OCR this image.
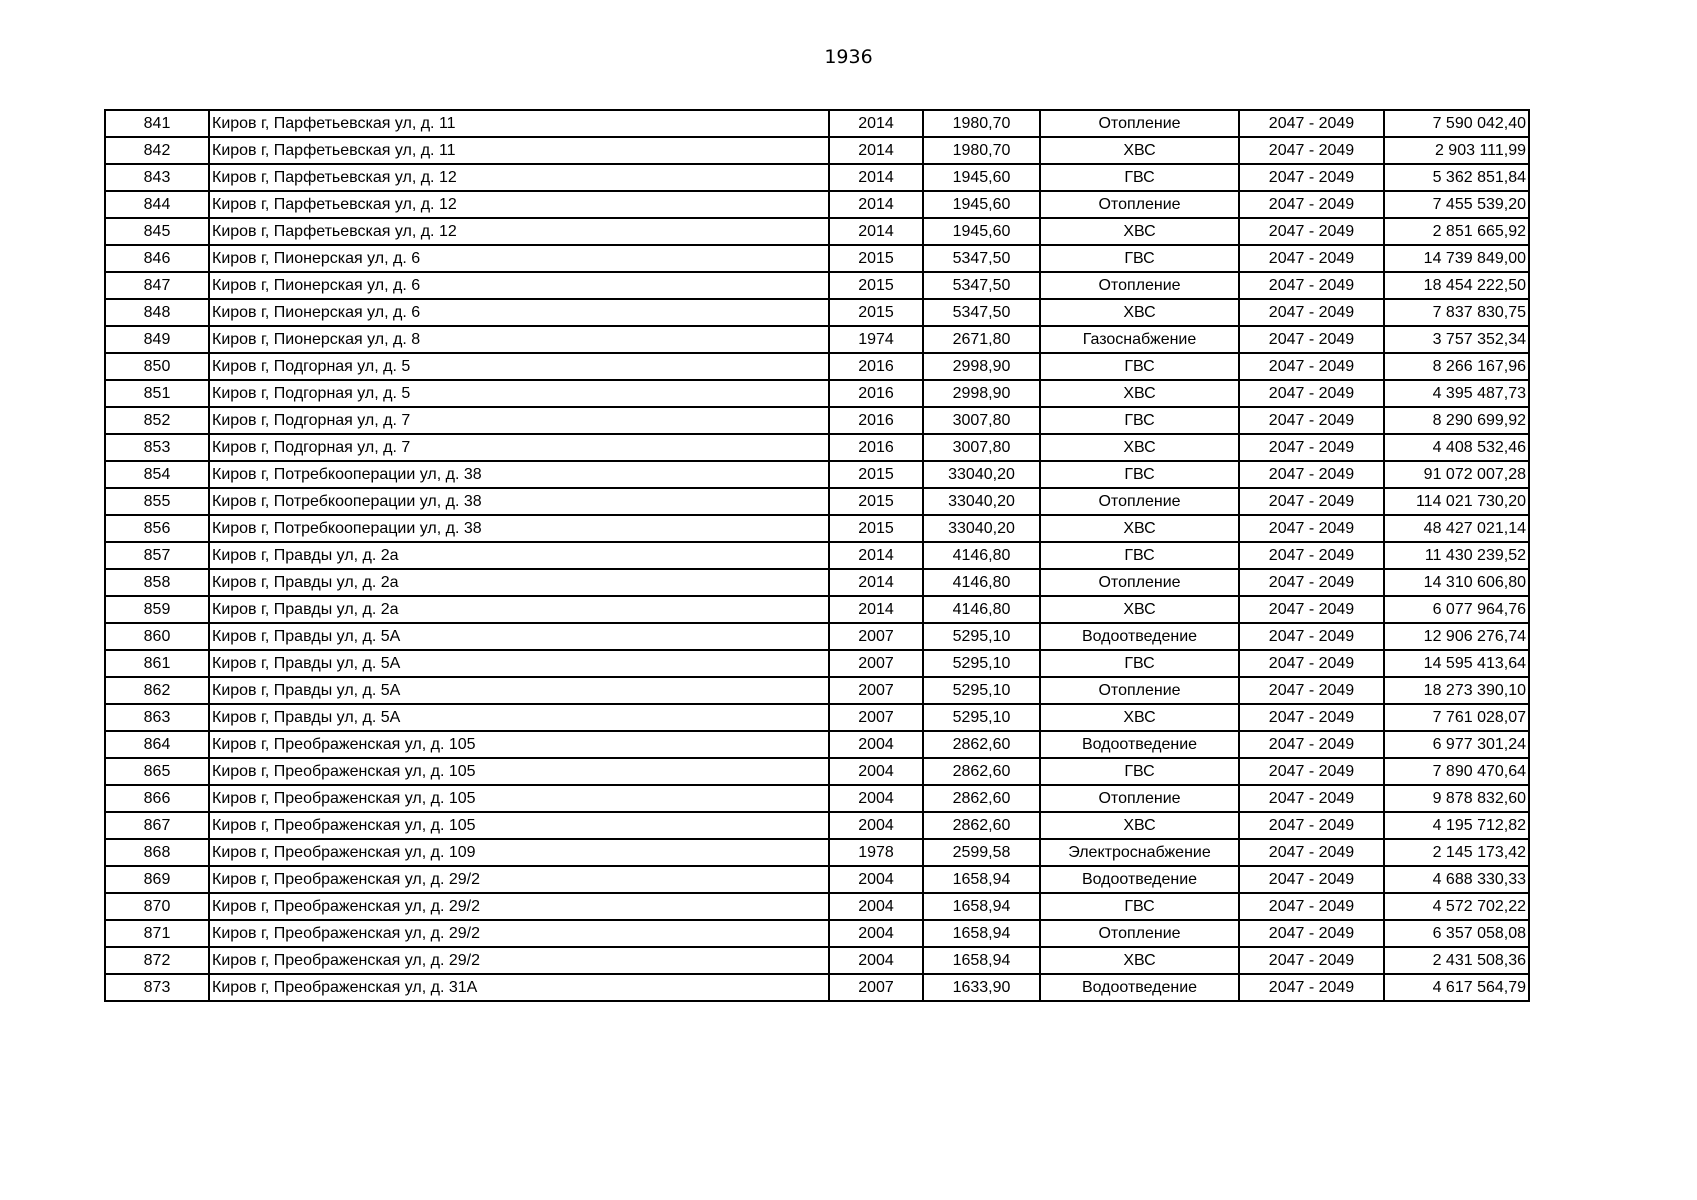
1936
841	Киров г, Парфетьевская ул, д. 11	2014	1980,70	Отопление	2047 - 2049	7 590 042,40
842	Киров г, Парфетьевская ул, д. 11	2014	1980,70	ХВС	2047 - 2049	2 903 111,99
843	Киров г, Парфетьевская ул, д. 12	2014	1945,60	ГВС	2047 - 2049	5 362 851,84
844	Киров г, Парфетьевская ул, д. 12	2014	1945,60	Отопление	2047 - 2049	7 455 539,20
845	Киров г, Парфетьевская ул, д. 12	2014	1945,60	ХВС	2047 - 2049	2 851 665,92
846	Киров г, Пионерская ул, д. 6	2015	5347,50	ГВС	2047 - 2049	14 739 849,00
847	Киров г, Пионерская ул, д. 6	2015	5347,50	Отопление	2047 - 2049	18 454 222,50
848	Киров г, Пионерская ул, д. 6	2015	5347,50	ХВС	2047 - 2049	7 837 830,75
849	Киров г, Пионерская ул, д. 8	1974	2671,80	Газоснабжение	2047 - 2049	3 757 352,34
850	Киров г, Подгорная ул, д. 5	2016	2998,90	ГВС	2047 - 2049	8 266 167,96
851	Киров г, Подгорная ул, д. 5	2016	2998,90	ХВС	2047 - 2049	4 395 487,73
852	Киров г, Подгорная ул, д. 7	2016	3007,80	ГВС	2047 - 2049	8 290 699,92
853	Киров г, Подгорная ул, д. 7	2016	3007,80	ХВС	2047 - 2049	4 408 532,46
854	Киров г, Потребкооперации ул, д. 38	2015	33040,20	ГВС	2047 - 2049	91 072 007,28
855	Киров г, Потребкооперации ул, д. 38	2015	33040,20	Отопление	2047 - 2049	114 021 730,20
856	Киров г, Потребкооперации ул, д. 38	2015	33040,20	ХВС	2047 - 2049	48 427 021,14
857	Киров г, Правды ул, д. 2а	2014	4146,80	ГВС	2047 - 2049	11 430 239,52
858	Киров г, Правды ул, д. 2а	2014	4146,80	Отопление	2047 - 2049	14 310 606,80
859	Киров г, Правды ул, д. 2а	2014	4146,80	ХВС	2047 - 2049	6 077 964,76
860	Киров г, Правды ул, д. 5А	2007	5295,10	Водоотведение	2047 - 2049	12 906 276,74
861	Киров г, Правды ул, д. 5А	2007	5295,10	ГВС	2047 - 2049	14 595 413,64
862	Киров г, Правды ул, д. 5А	2007	5295,10	Отопление	2047 - 2049	18 273 390,10
863	Киров г, Правды ул, д. 5А	2007	5295,10	ХВС	2047 - 2049	7 761 028,07
864	Киров г, Преображенская ул, д. 105	2004	2862,60	Водоотведение	2047 - 2049	6 977 301,24
865	Киров г, Преображенская ул, д. 105	2004	2862,60	ГВС	2047 - 2049	7 890 470,64
866	Киров г, Преображенская ул, д. 105	2004	2862,60	Отопление	2047 - 2049	9 878 832,60
867	Киров г, Преображенская ул, д. 105	2004	2862,60	ХВС	2047 - 2049	4 195 712,82
868	Киров г, Преображенская ул, д. 109	1978	2599,58	Электроснабжение	2047 - 2049	2 145 173,42
869	Киров г, Преображенская ул, д. 29/2	2004	1658,94	Водоотведение	2047 - 2049	4 688 330,33
870	Киров г, Преображенская ул, д. 29/2	2004	1658,94	ГВС	2047 - 2049	4 572 702,22
871	Киров г, Преображенская ул, д. 29/2	2004	1658,94	Отопление	2047 - 2049	6 357 058,08
872	Киров г, Преображенская ул, д. 29/2	2004	1658,94	ХВС	2047 - 2049	2 431 508,36
873	Киров г, Преображенская ул, д. 31А	2007	1633,90	Водоотведение	2047 - 2049	4 617 564,79
